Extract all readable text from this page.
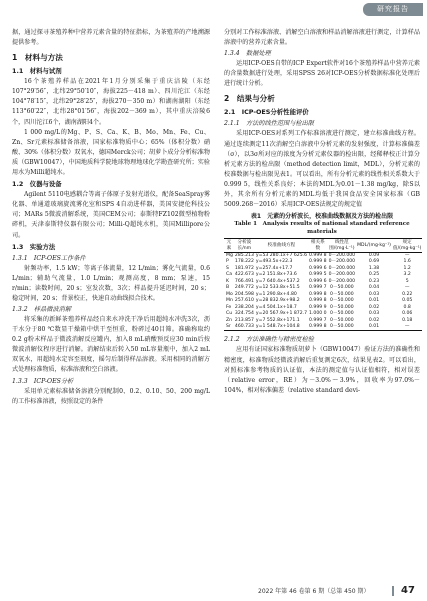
研究报告

据，通过探寻茶殖养种中营养元素含量的特征指标，为茶殖养的产地溯源提供参考。

1　材料与方法
1.1　材料与试剂

16个茶殖养样品在2021年1月分别采集于重庆涪陵（东经107°29′56″，北纬29°50′10″，海拔225－418 m）、四川沱江（东经104°78′15″，北纬29°28′25″，海拔270－350 m）和湖南湖阳（东经113°60′22″，北纬28°01′56″，海拔202－369 m），其中重庆涪陵6个，四川沱江6个，湖南湖阳4个。

1 000 mg/L的Mg、P、S、Ca、K、B、Mo、Mn、Fe、Cu、Zn、Sr元素标准储备溶液，国家标准物质中心；65%（体积分数）硝酸、30%（体积分数）双氧水，德国Merck公司；胡萝卜成分分析标准物质（GBW10047），中国地质科学院地球物理地球化学勘查研究所；实验用水为Milli超纯水。

1.2　仪器与设备

Agilent 5110电感耦合等离子体原子发射光谱仪，配备SeaSpray雾化器、单通道玻璃旋流雾化室和SPS 4自动进样器，美国安捷伦科技公司；MARs 5微波消解系统，美国CEM公司；泰斯特FZ102微型植物粉碎机，天津泰斯特仪器有限公司；Milli-Q超纯水机，美国Millipore公司。

1.3　实验方法
1.3.1　ICP-OES工作条件

射频功率，1.5 kW；等离子体流量，12 L/min；雾化气流量，0.6 L/min；辅助气流量，1.0 L/min；观测高度，8 mm；泵速，15 r/min；读数时间，20 s；室发次数，3次；样品提升延迟时间，20 s；稳定时间，20 s；背景校正，快速自动曲线拟合技术。

1.3.2　样品微波消解

将采集的新鲜茶殖养样品经自来水冲洗干净后用超纯水冲洗3次，沥干水分于80 ℃数显干燥箱中烘干至恒重，粉碎过40目筛。准确称取约0.2 g粉末样品于微波消解反应罐内，加入8 mL硝酸预反应30 min后按微波消解仪程序进行消解。消解结束后转入50 mL容量瓶中，加入2 mL双氧水，用超纯水定容至刻度，摇匀后制得样品溶液。采用相同的消解方式处理标准物质，标准溶液和空白溶液。

1.3.3　ICP-OES分析

采用单元素标准储备溶液分别配制0、0.2、0.10、50、200 mg/L的工作标准溶液，按照设定的条件

分别对工作标准溶液、消解空白溶液和样品消解溶液进行测定，计算样品溶液中的营养元素含量。

1.3.4　数据处理

运用ICP-OES自带的ICP Expert软件对16个茶殖养样品中营养元素的含量数据进行处理，采用SPSS 26对ICP-OES分析数据标准化处理后进行统计分析。

2　结果与分析
2.1　ICP-OES分析性能评价
2.1.1　方法的线性范围与检出限

采用ICP-OES对系列工作标准溶液进行测定，建立标准曲线方程。通过连续测定11次消解空白溶液中分析元素的发射强度，计算标准偏差（σ），以3σ所对应的浓度为分析元素仪器的检出限，经稀释校正计算分析元素方法的检出限（method detection limit，MDL），分析元素的校准数据与检出限见表1。可以看出，所有分析元素的线性相关系数大于0.999 5，线性关系良好；本法的MDL为0.01－1.38 mg/kg，除S以外，其余所有分析元素的MDL均低于我国食品安全国家标准（GB 5009.268－2016）采用ICP-OES法规定的规定值

表1　元素的分析波长，校准曲线数据及方法的检出限
Table 1　Analysis results of national standard reference materials
元素	分析波长/nm	校准曲线方程	相关系数	线性范围/(mg·L⁻¹)	MDL/(mg·kg⁻¹)	规定值/(mg·kg⁻¹)
Mg	285.213	y=53 280.1x+7 625.6	0.999 8	0－200.000	0.09	—
P	178.222	y=493.5x+22.3	0.999 8	0－200.000	0.69	1.6
S	181.972	y=257.4x+17.7	0.999 6	0－200.000	1.38	1.2
Ca	422.673	y=2 151.8x+73.6	0.999 5	0－200.000	0.25	3.2
K	766.491	y=7 640.4x+537.2	0.999 6	0－200.000	0.23	5
B	249.772	y=12 533.8x+51.5	0.999 7	0－50.000	0.04	—
Mo	204.598	y=1 290.8x+4.80	0.999 8	0－50.000	0.03	0.22
Mn	257.610	y=28 832.9x+98.2	0.999 8	0－50.000	0.01	0.05
Fe	238.204	y=4 504.1x+18.7	0.999 9	0－50.000	0.02	0.8
Cu	324.754	y=20 567.9x+1 872.7	1.000 0	0－50.000	0.03	0.06
Zn	213.857	y=7 552.8x+171.1	0.999 7	0－50.000	0.02	0.18
Sr	460.733	y=1 548.7x+104.8	0.999 8	0－50.000	0.01	—
2.1.2　方法准确性与精密度检验

应用有证国家标准物质胡萝卜（GBW10047）验证方法的准确性和精密度，标准物质经微波消解后重复测定6次，结果见表2。可以看出，对照标准参考物质的认证值，本法的测定值与认证值相符，相对误差（relative error，RE）为－3.0%～3.9%，回收率为97.0%－104%，相对标准偏差（relative standard devi-

2022 年第 46 卷第 6 期（总第 450 期）	47
